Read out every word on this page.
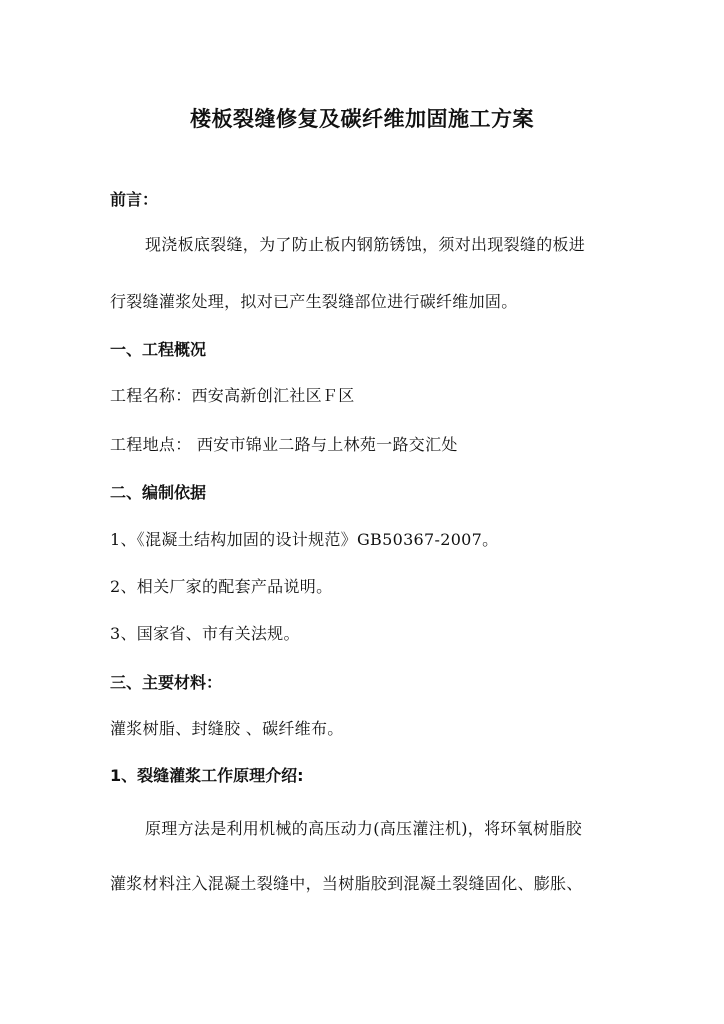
楼板裂缝修复及碳纤维加固施工方案
前言：
现浇板底裂缝，为了防止板内钢筋锈蚀，须对出现裂缝的板进
行裂缝灌浆处理，拟对已产生裂缝部位进行碳纤维加固。
一、工程概况
工程名称：西安高新创汇社区Ｆ区
工程地点： 西安市锦业二路与上林苑一路交汇处
二、编制依据
1、《混凝土结构加固的设计规范》GB50367-2007。
2、相关厂家的配套产品说明。
3、国家省、市有关法规。
三、主要材料：
灌浆树脂、封缝胶 、碳纤维布。
1、裂缝灌浆工作原理介绍:
原理方法是利用机械的高压动力(高压灌注机)，将环氧树脂胶
灌浆材料注入混凝土裂缝中，当树脂胶到混凝土裂缝固化、膨胀、
